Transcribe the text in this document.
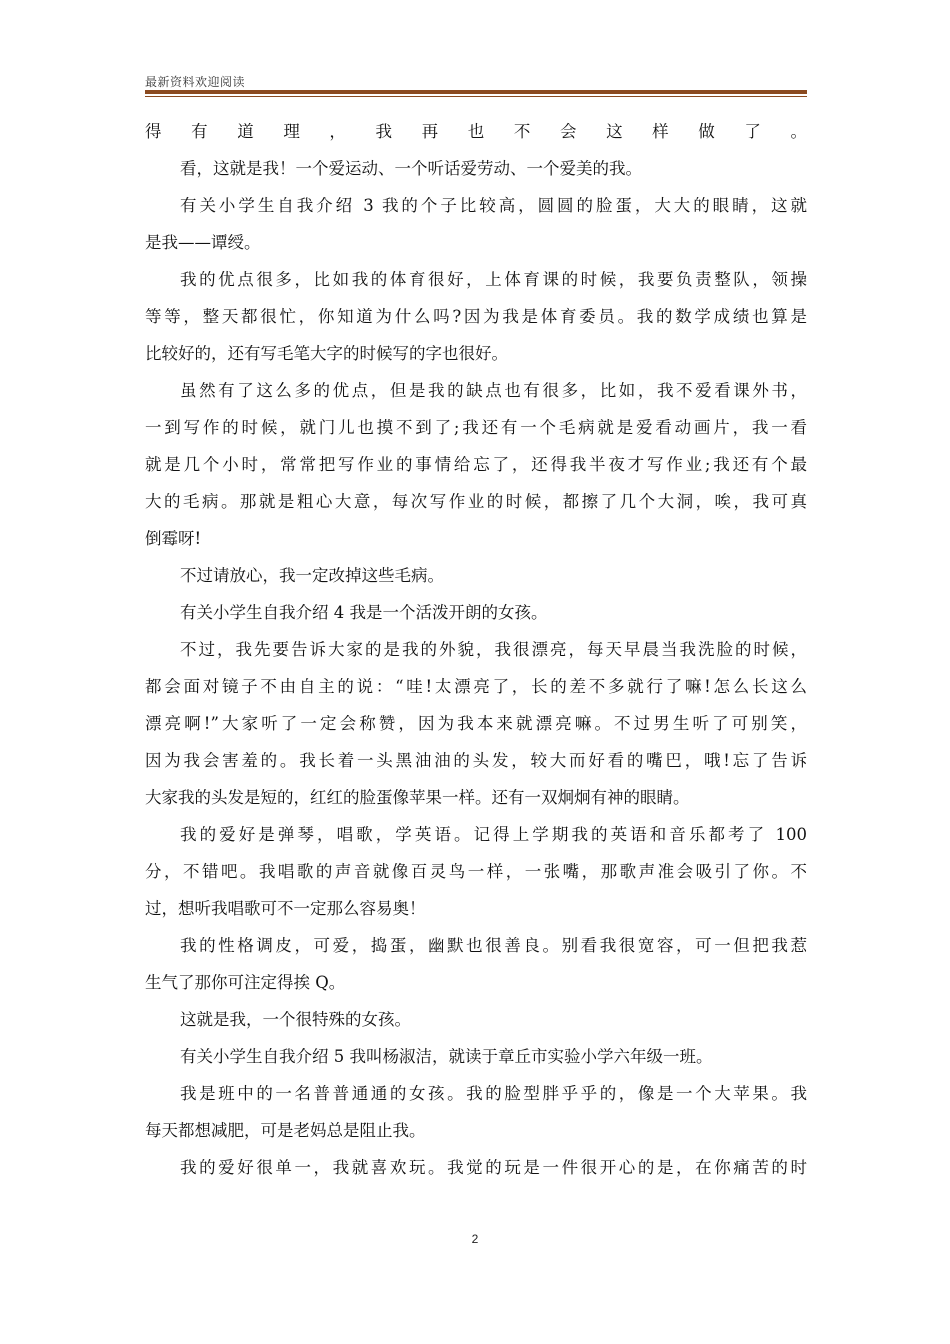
最新资料欢迎阅读
得有道理，我再也不会这样做了。
看，这就是我！一个爱运动、一个听话爱劳动、一个爱美的我。
有关小学生自我介绍 3 我的个子比较高，圆圆的脸蛋，大大的眼睛，这就
是我——谭绶。
我的优点很多，比如我的体育很好，上体育课的时候，我要负责整队，领操
等等，整天都很忙，你知道为什么吗?因为我是体育委员。我的数学成绩也算是
比较好的，还有写毛笔大字的时候写的字也很好。
虽然有了这么多的优点，但是我的缺点也有很多，比如，我不爱看课外书，
一到写作的时候，就门儿也摸不到了;我还有一个毛病就是爱看动画片，我一看
就是几个小时，常常把写作业的事情给忘了，还得我半夜才写作业;我还有个最
大的毛病。那就是粗心大意，每次写作业的时候，都擦了几个大洞，唉，我可真
倒霉呀!
不过请放心，我一定改掉这些毛病。
有关小学生自我介绍 4 我是一个活泼开朗的女孩。
不过，我先要告诉大家的是我的外貌，我很漂亮，每天早晨当我洗脸的时候，
都会面对镜子不由自主的说：“哇!太漂亮了，长的差不多就行了嘛!怎么长这么
漂亮啊!”大家听了一定会称赞，因为我本来就漂亮嘛。不过男生听了可别笑，
因为我会害羞的。我长着一头黑油油的头发，较大而好看的嘴巴，哦!忘了告诉
大家我的头发是短的，红红的脸蛋像苹果一样。还有一双炯炯有神的眼睛。
我的爱好是弹琴，唱歌，学英语。记得上学期我的英语和音乐都考了 100
分，不错吧。我唱歌的声音就像百灵鸟一样，一张嘴，那歌声准会吸引了你。不
过，想听我唱歌可不一定那么容易奥！
我的性格调皮，可爱，捣蛋，幽默也很善良。别看我很宽容，可一但把我惹
生气了那你可注定得挨 Q。
这就是我，一个很特殊的女孩。
有关小学生自我介绍 5 我叫杨淑洁，就读于章丘市实验小学六年级一班。
我是班中的一名普普通通的女孩。我的脸型胖乎乎的，像是一个大苹果。我
每天都想减肥，可是老妈总是阻止我。
我的爱好很单一，我就喜欢玩。我觉的玩是一件很开心的是，在你痛苦的时
2
